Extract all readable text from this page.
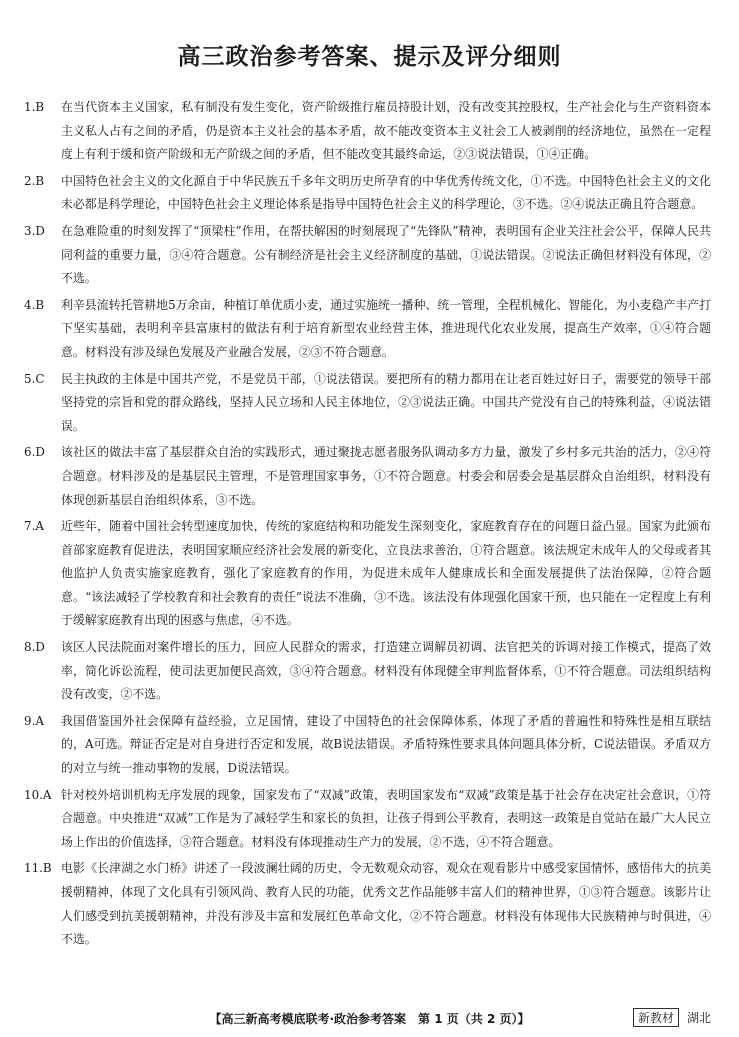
高三政治参考答案、提示及评分细则
1.B 在当代资本主义国家，私有制没有发生变化，资产阶级推行雇员持股计划，没有改变其控股权，生产社会化与生产资料资本主义私人占有之间的矛盾，仍是资本主义社会的基本矛盾，故不能改变资本主义社会工人被剥削的经济地位，虽然在一定程度上有利于缓和资产阶级和无产阶级之间的矛盾，但不能改变其最终命运，②③说法错误，①④正确。
2.B 中国特色社会主义的文化源自于中华民族五千多年文明历史所孕育的中华优秀传统文化，①不选。中国特色社会主义的文化未必都是科学理论，中国特色社会主义理论体系是指导中国特色社会主义的科学理论，③不选。②④说法正确且符合题意。
3.D 在急难险重的时刻发挥了“顶梁柱”作用，在帮扶解困的时刻展现了“先锋队”精神，表明国有企业关注社会公平，保障人民共同利益的重要力量，③④符合题意。公有制经济是社会主义经济制度的基础，①说法错误。②说法正确但材料没有体现，②不选。
4.B 利辛县流转托管耕地5万余亩，种植订单优质小麦，通过实施统一播种、统一管理，全程机械化、智能化，为小麦稳产丰产打下坚实基础，表明利辛县富康村的做法有利于培育新型农业经营主体，推进现代化农业发展，提高生产效率，①④符合题意。材料没有涉及绿色发展及产业融合发展，②③不符合题意。
5.C 民主执政的主体是中国共产党，不是党员干部，①说法错误。要把所有的精力都用在让老百姓过好日子，需要党的领导干部坚持党的宗旨和党的群众路线，坚持人民立场和人民主体地位，②③说法正确。中国共产党没有自己的特殊利益，④说法错误。
6.D 该社区的做法丰富了基层群众自治的实践形式，通过聚拢志愿者服务队调动多方力量，激发了乡村多元共治的活力，②④符合题意。材料涉及的是基层民主管理，不是管理国家事务，①不符合题意。村委会和居委会是基层群众自治组织，材料没有体现创新基层自治组织体系，③不选。
7.A 近些年，随着中国社会转型速度加快，传统的家庭结构和功能发生深刻变化，家庭教育存在的问题日益凸显。国家为此颁布首部家庭教育促进法，表明国家顺应经济社会发展的新变化，立良法求善治，①符合题意。该法规定未成年人的父母或者其他监护人负责实施家庭教育，强化了家庭教育的作用，为促进未成年人健康成长和全面发展提供了法治保障，②符合题意。“该法减轻了学校教育和社会教育的责任”说法不准确，③不选。该法没有体现强化国家干预，也只能在一定程度上有利于缓解家庭教育出现的困惑与焦虑，④不选。
8.D 该区人民法院面对案件增长的压力，回应人民群众的需求，打造建立调解员初调、法官把关的诉调对接工作模式，提高了效率，简化诉讼流程，使司法更加便民高效，③④符合题意。材料没有体现健全审判监督体系，①不符合题意。司法组织结构没有改变，②不选。
9.A 我国借鉴国外社会保障有益经验，立足国情，建设了中国特色的社会保障体系，体现了矛盾的普遍性和特殊性是相互联结的，A可选。辩证否定是对自身进行否定和发展，故B说法错误。矛盾特殊性要求具体问题具体分析，C说法错误。矛盾双方的对立与统一推动事物的发展，D说法错误。
10.A 针对校外培训机构无序发展的现象，国家发布了“双减”政策，表明国家发布“双减”政策是基于社会存在决定社会意识，①符合题意。中央推进“双减”工作是为了减轻学生和家长的负担，让孩子得到公平教育，表明这一政策是自觉站在最广大人民立场上作出的价值选择，③符合题意。材料没有体现推动生产力的发展，②不选，④不符合题意。
11.B 电影《长津湖之水门桥》讲述了一段波澜壮阔的历史，令无数观众动容，观众在观看影片中感受家国情怀，感悟伟大的抗美援朝精神，体现了文化具有引领风尚、教育人民的功能，优秀文艺作品能够丰富人们的精神世界，①③符合题意。该影片让人们感受到抗美援朝精神，并没有涉及丰富和发展红色革命文化，②不符合题意。材料没有体现伟大民族精神与时俱进，④不选。
【高三新高考模底联考·政治参考答案　第 1 页（共 2 页）】	新教材	湖北
